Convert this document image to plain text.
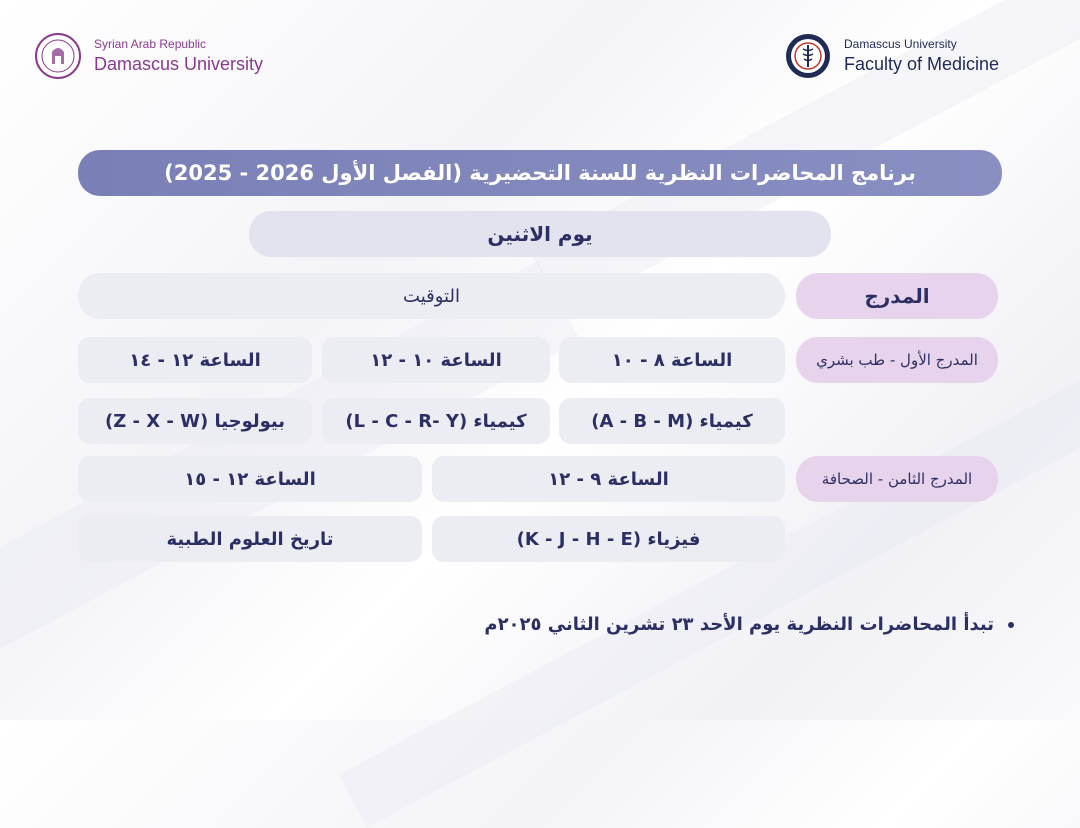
Syrian Arab Republic
Damascus University
Damascus University
Faculty of Medicine
برنامج المحاضرات النظرية للسنة التحضيرية (الفصل الأول 2026 - 2025)
يوم الاثنين
التوقيت	المدرج
المدرج الأول - طب بشري
الساعة ٨ - ١٠
الساعة ١٠ - ١٢
الساعة ١٢ - ١٤
كيمياء (A - B - M)
كيمياء (L - C - R- Y)
بيولوجيا (Z - X - W)
المدرج الثامن - الصحافة
الساعة ٩ - ١٢
الساعة ١٢ - ١٥
فيزياء (K - J - H - E)
تاريخ العلوم الطبية
تبدأ المحاضرات النظرية يوم الأحد ٢٣ تشرين الثاني ٢٠٢٥م
